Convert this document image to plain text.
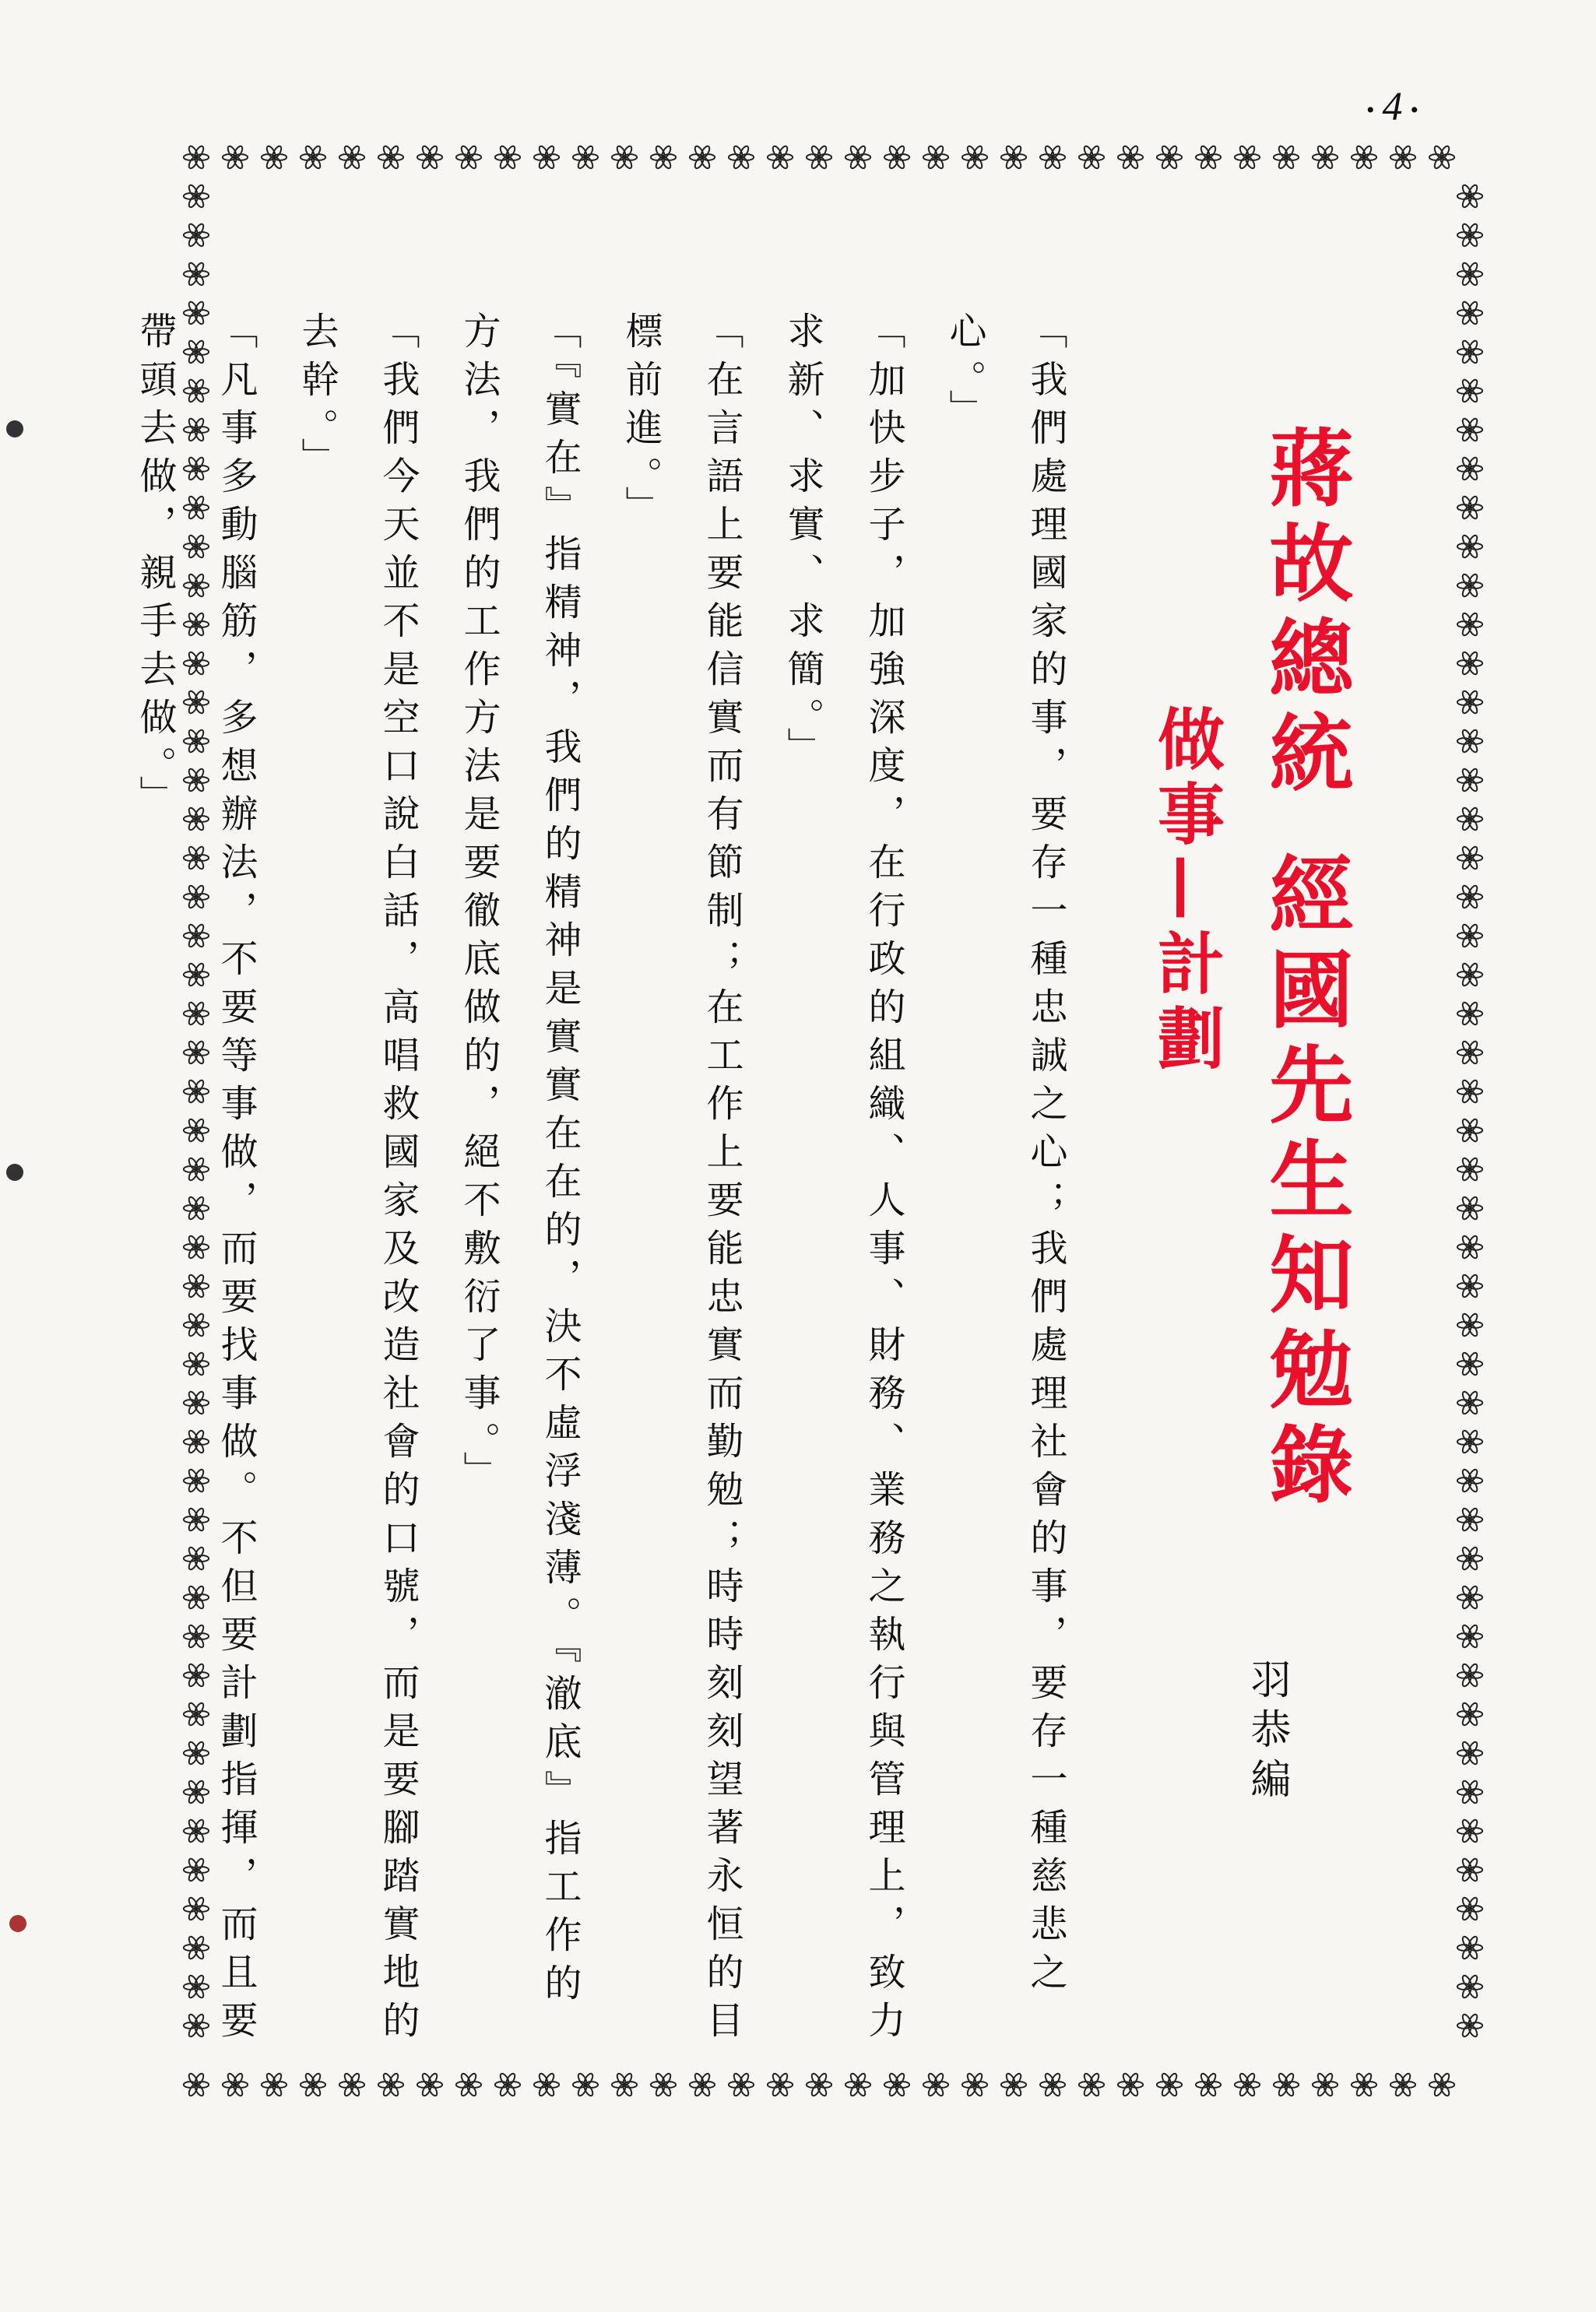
• 4 •
蔣故總統經國先生知勉錄
做事—計劃
羽恭編

「我們處理國家的事，要存一種忠誠之心；我們處理社會的事，要存一種慈悲之心。」

「加快步子，加強深度，在行政的組織、人事、財務、業務之執行與管理上，致力求新、求實、求簡。」

「在言語上要能信實而有節制；在工作上要能忠實而勤勉；時時刻刻望著永恒的目標前進。」

「『實在』指精神，我們的精神是實實在在的，決不虛浮淺薄。『澈底』指工作的方法，我們的工作方法是要徹底做的，絕不敷衍了事。」

「我們今天並不是空口說白話，高唱救國家及改造社會的口號，而是要腳踏實地的去幹。」

「凡事多動腦筋，多想辦法，不要等事做，而要找事做。不但要計劃指揮，而且要帶頭去做，親手去做。」
